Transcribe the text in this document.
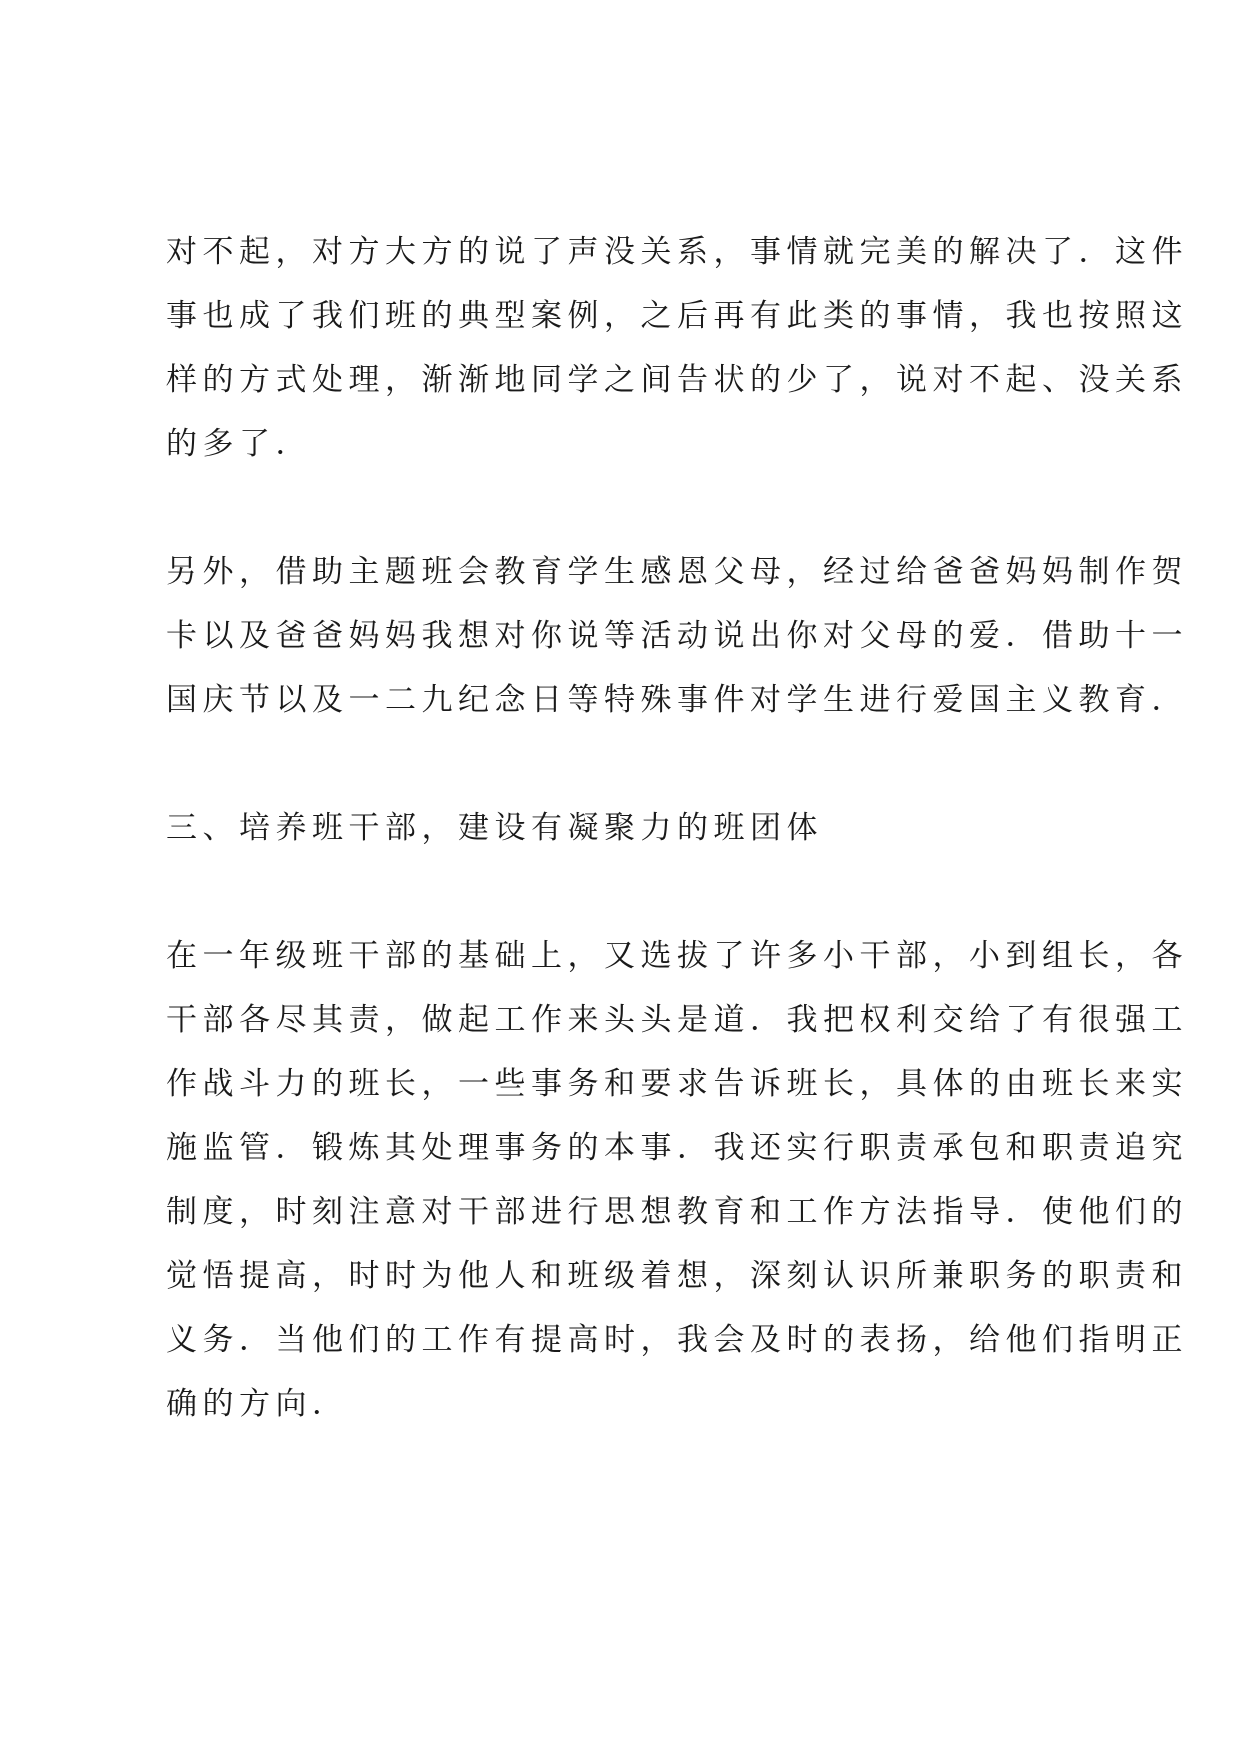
对不起，对方大方的说了声没关系，事情就完美的解决了．这件

事也成了我们班的典型案例，之后再有此类的事情，我也按照这

样的方式处理，渐渐地同学之间告状的少了，说对不起、没关系

的多了．

另外，借助主题班会教育学生感恩父母，经过给爸爸妈妈制作贺

卡以及爸爸妈妈我想对你说等活动说出你对父母的爱．借助十一

国庆节以及一二九纪念日等特殊事件对学生进行爱国主义教育．

三、培养班干部，建设有凝聚力的班团体

在一年级班干部的基础上，又选拔了许多小干部，小到组长，各

干部各尽其责，做起工作来头头是道．我把权利交给了有很强工

作战斗力的班长，一些事务和要求告诉班长，具体的由班长来实

施监管．锻炼其处理事务的本事．我还实行职责承包和职责追究

制度，时刻注意对干部进行思想教育和工作方法指导．使他们的

觉悟提高，时时为他人和班级着想，深刻认识所兼职务的职责和

义务．当他们的工作有提高时，我会及时的表扬，给他们指明正

确的方向．
